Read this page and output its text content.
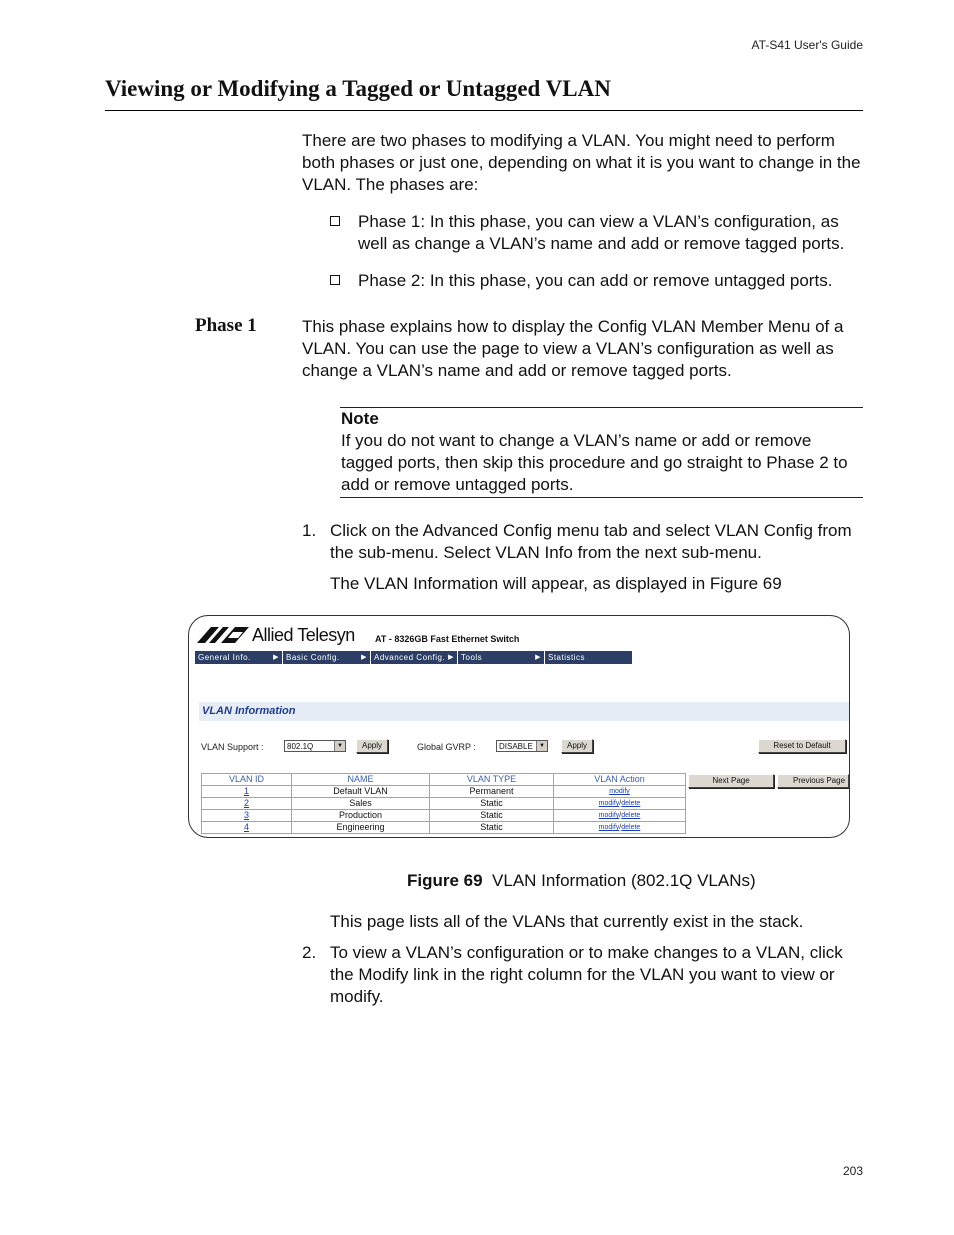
AT-S41 User's Guide
Viewing or Modifying a Tagged or Untagged VLAN
There are two phases to modifying a VLAN. You might need to perform both phases or just one, depending on what it is you want to change in the VLAN. The phases are:
Phase 1: In this phase, you can view a VLAN’s configuration, as well as change a VLAN’s name and add or remove tagged ports.
Phase 2: In this phase, you can add or remove untagged ports.
Phase 1	This phase explains how to display the Config VLAN Member Menu of a VLAN. You can use the page to view a VLAN’s configuration as well as change a VLAN’s name and add or remove tagged ports.
Note
If you do not want to change a VLAN’s name or add or remove tagged ports, then skip this procedure and go straight to Phase 2 to add or remove untagged ports.
1. Click on the Advanced Config menu tab and select VLAN Config from the sub-menu. Select VLAN Info from the next sub-menu.
The VLAN Information will appear, as displayed in Figure 69
Allied Telesyn AT - 8326GB Fast Ethernet Switch
General Info.	▶ Basic Config.	▶ Advanced Config. ▶ Tools	▶ Statistics
VLAN Information
VLAN Support :	802.1Q	▼	Apply	Global GVRP :	DISABLE	▼	Apply	Reset to Default
Next Page	Previous Page
VLAN ID	NAME	VLAN TYPE	VLAN Action
1	Default VLAN	Permanent	modify
2	Sales	Static	modify/delete
3	Production	Static	modify/delete
4	Engineering	Static	modify/delete
Figure 69 VLAN Information (802.1Q VLANs)
This page lists all of the VLANs that currently exist in the stack.
2. To view a VLAN’s configuration or to make changes to a VLAN, click the Modify link in the right column for the VLAN you want to view or modify.
203
